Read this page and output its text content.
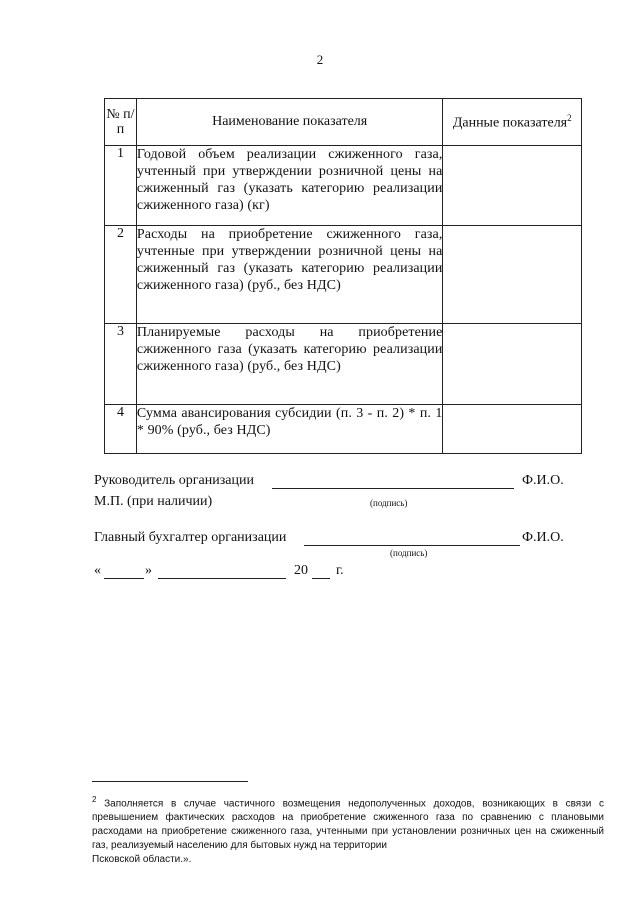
2
№ п/п	Наименование показателя	Данные показателя$^2$
1	Годовой объем реализации сжиженного газа, учтенный при утверждении розничной цены на сжиженный газ (указать категорию реализации сжиженного газа) (кг)	
2	Расходы на приобретение сжиженного газа, учтенные при утверждении розничной цены на сжиженный газ (указать категорию реализации сжиженного газа) (руб., без НДС)	
3	Планируемые расходы на приобретение сжиженного газа (указать категорию реализации сжиженного газа) (руб., без НДС)	
4	Сумма авансирования субсидии (п. 3 - п. 2) * п. 1 * 90% (руб., без НДС)	
Руководитель организации	Ф.И.О.
М.П. (при наличии)	(подпись)
Главный бухгалтер организации	Ф.И.О.
(подпись)
«	»	20 г.
$^2$ Заполняется в случае частичного возмещения недополученных доходов, возникающих в связи с превышением фактических расходов на приобретение сжиженного газа по сравнению с плановыми расходами на приобретение сжиженного газа, учтенными при установлении розничных цен на сжиженный газ, реализуемый населению для бытовых нужд на территории
Псковской области.».
